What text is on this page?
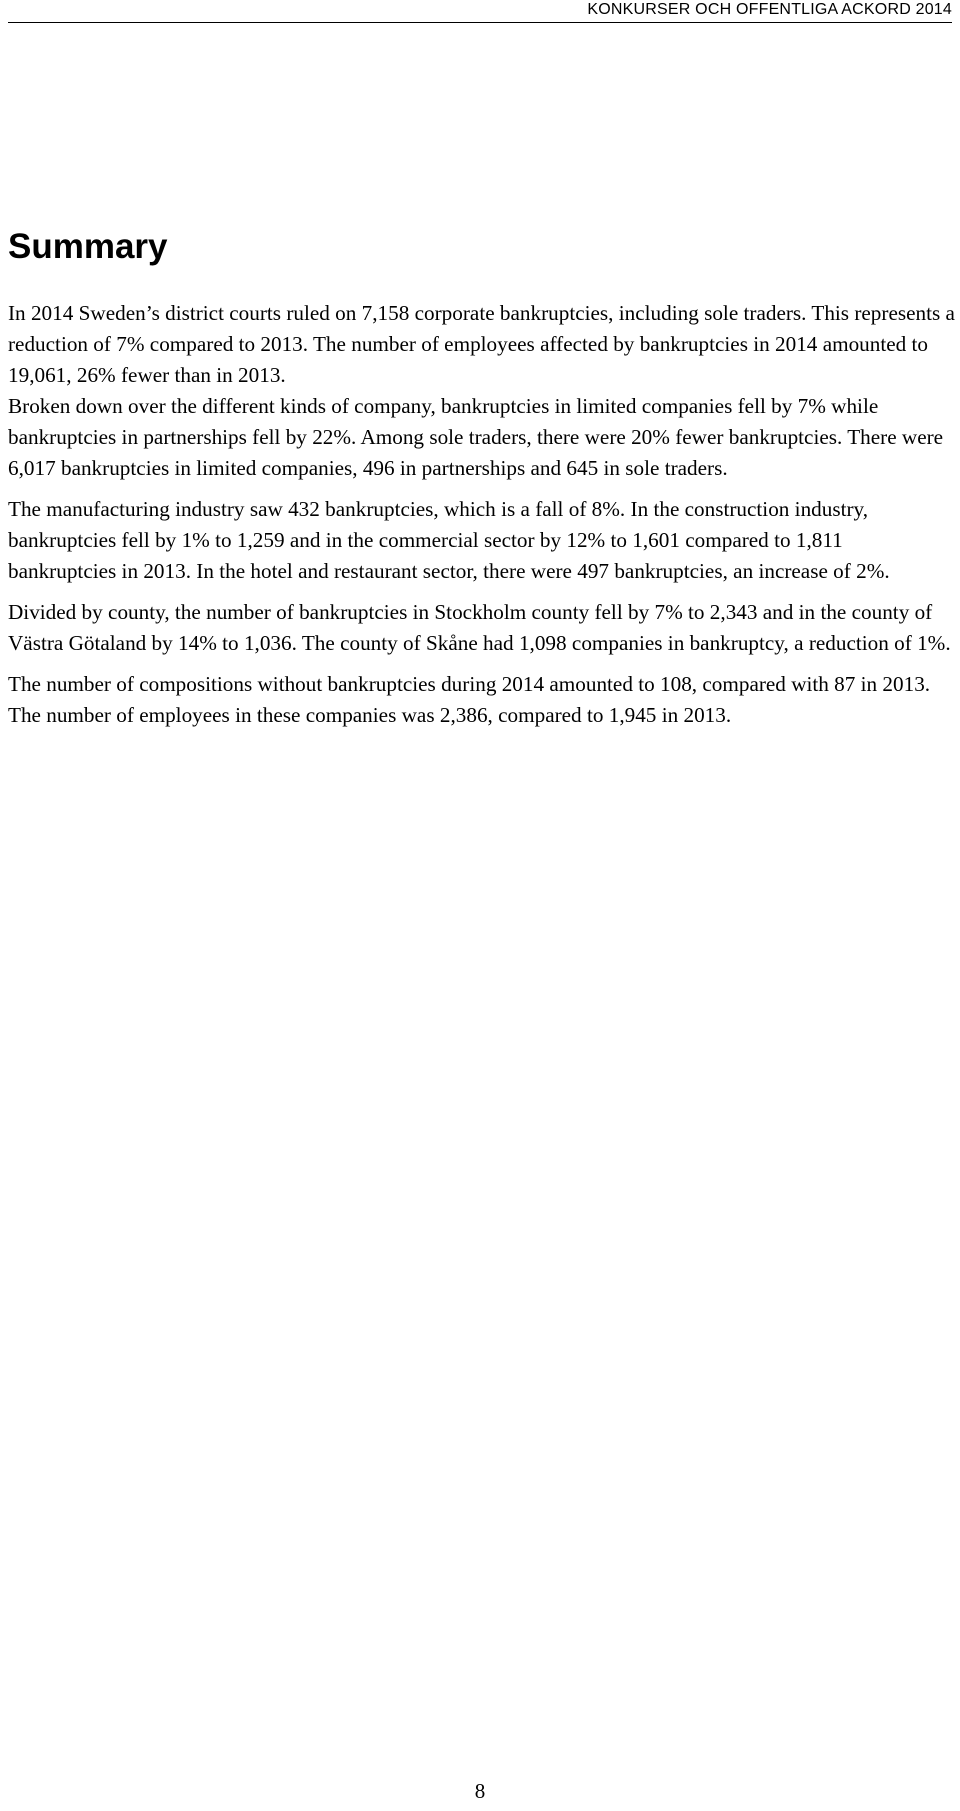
KONKURSER OCH OFFENTLIGA ACKORD 2014
Summary

In 2014 Sweden’s district courts ruled on 7,158 corporate bankruptcies, including sole traders. This represents a reduction of 7% compared to 2013. The number of employees affected by bankruptcies in 2014 amounted to 19,061, 26% fewer than in 2013.

Broken down over the different kinds of company, bankruptcies in limited companies fell by 7% while bankruptcies in partnerships fell by 22%. Among sole traders, there were 20% fewer bankruptcies. There were 6,017 bankruptcies in limited companies, 496 in partnerships and 645 in sole traders.

The manufacturing industry saw 432 bankruptcies, which is a fall of 8%. In the construction industry, bankruptcies fell by 1% to 1,259 and in the commercial sector by 12% to 1,601 compared to 1,811 bankruptcies in 2013. In the hotel and restaurant sector, there were 497 bankruptcies, an increase of 2%.

Divided by county, the number of bankruptcies in Stockholm county fell by 7% to 2,343 and in the county of Västra Götaland by 14% to 1,036. The county of Skåne had 1,098 companies in bankruptcy, a reduction of 1%.

The number of compositions without bankruptcies during 2014 amounted to 108, compared with 87 in 2013. The number of employees in these companies was 2,386, compared to 1,945 in 2013.

8
